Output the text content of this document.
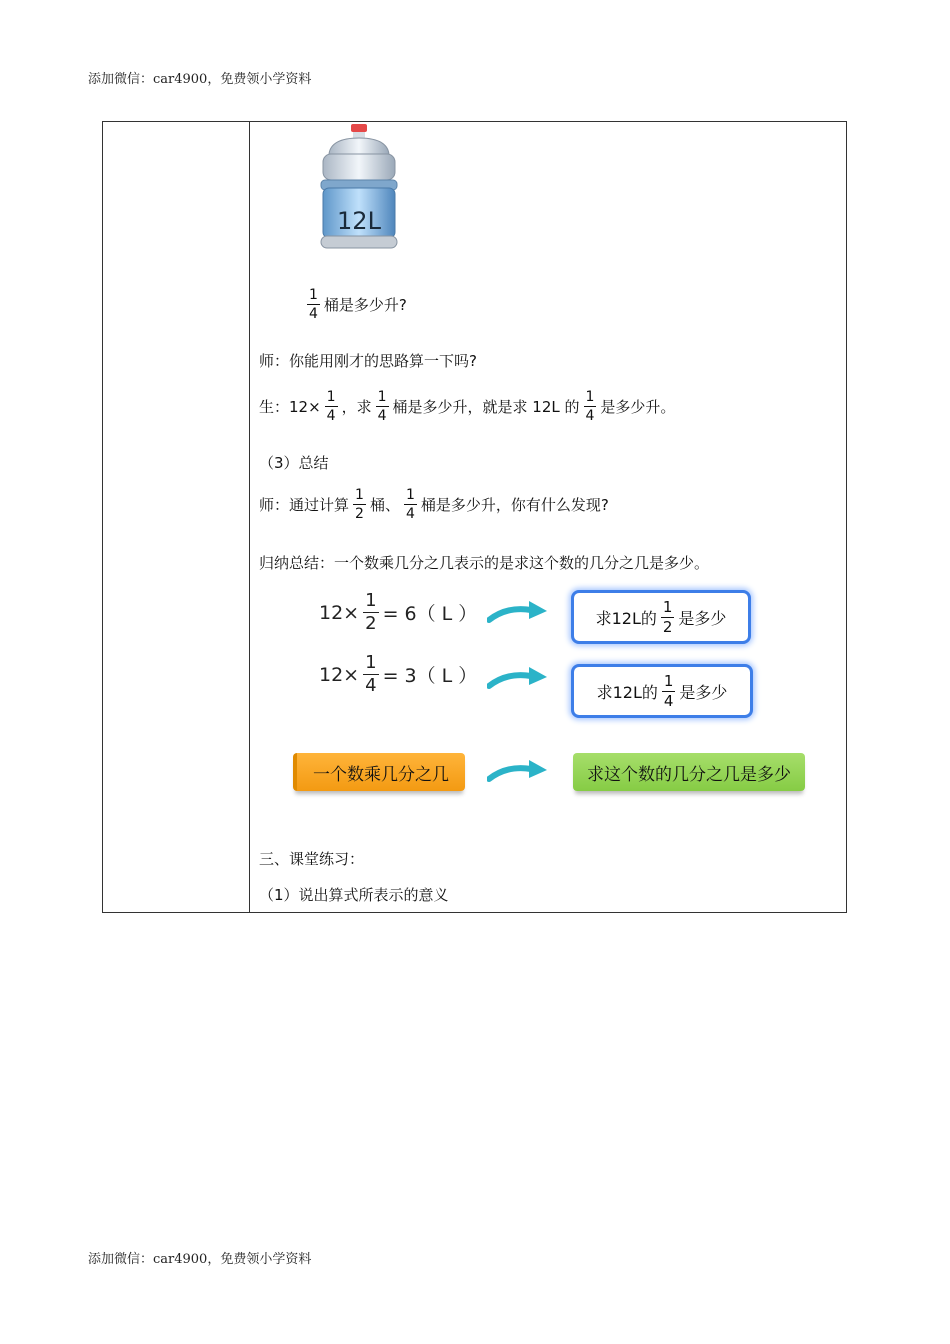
添加微信：car4900，免费领小学资料
12L
$\frac{1}{4}$ 桶是多少升?
师：你能用刚才的思路算一下吗?
生：$12\times \frac{1}{4}$ ，求 $\frac{1}{4}$ 桶是多少升，就是求 12L 的 $\frac{1}{4}$ 是多少升。
（3）总结
师：通过计算 $\frac{1}{2}$ 桶、 $\frac{1}{4}$ 桶是多少升，你有什么发现?
归纳总结：一个数乘几分之几表示的是求这个数的几分之几是多少。
$12\times \frac{1}{2} = 6$（ L ）	求12L的 $\frac{1}{2}$ 是多少
$12\times \frac{1}{4} = 3$（ L ）
求12L的 $\frac{1}{4}$ 是多少
一个数乘几分之几	求这个数的几分之几是多少
三、课堂练习：
（1）说出算式所表示的意义
添加微信：car4900，免费领小学资料
